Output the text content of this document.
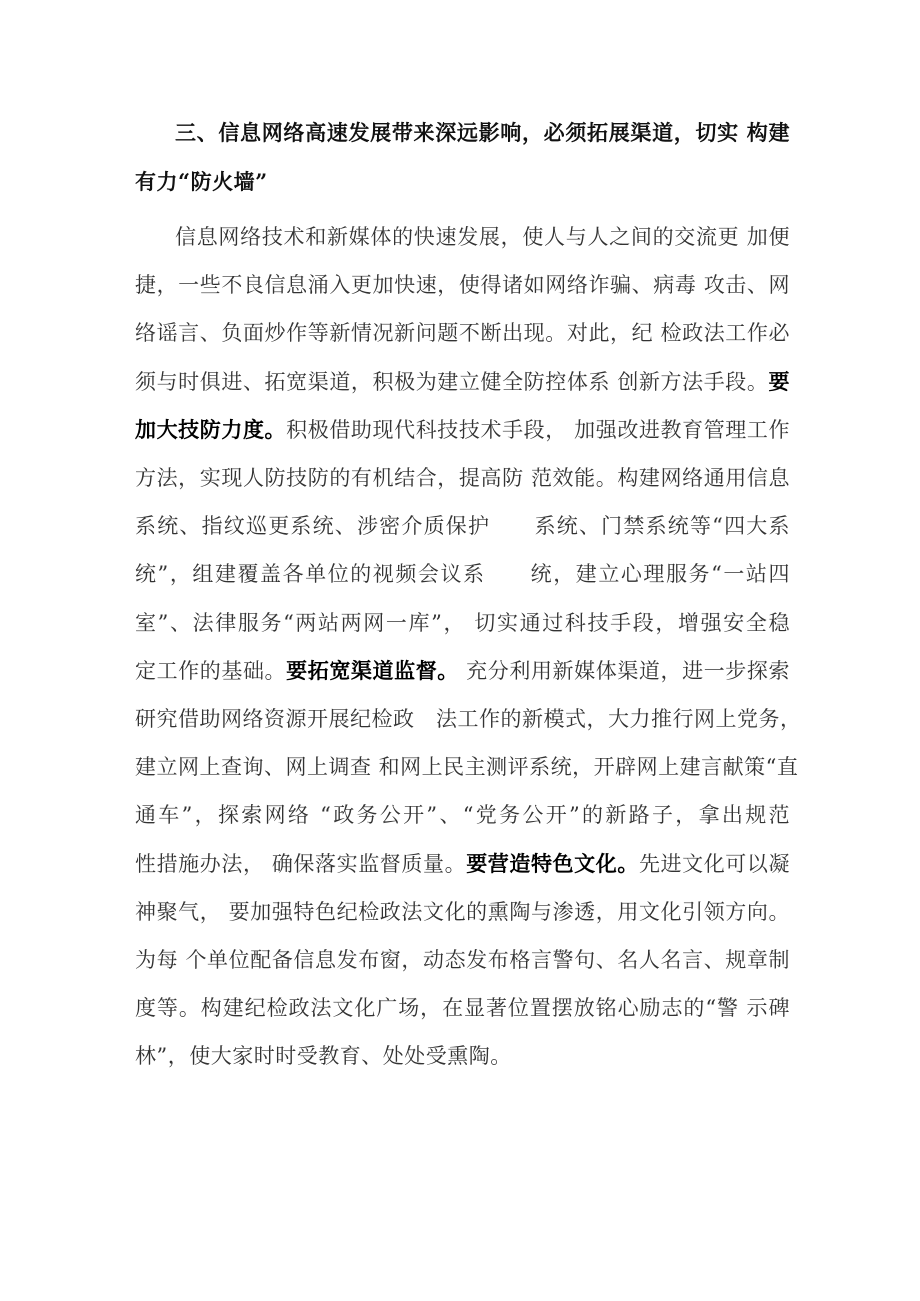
三、信息网络高速发展带来深远影响，必须拓展渠道，切实 构建
有力“防火墙”
信息网络技术和新媒体的快速发展，使人与人之间的交流更 加便
捷，一些不良信息涌入更加快速，使得诸如网络诈骗、病毒 攻击、网
络谣言、负面炒作等新情况新问题不断出现。对此，纪 检政法工作必
须与时俱进、拓宽渠道，积极为建立健全防控体系 创新方法手段。要
加大技防力度。积极借助现代科技技术手段， 加强改进教育管理工作
方法，实现人防技防的有机结合，提高防 范效能。构建网络通用信息
系统、指纹巡更系统、涉密介质保护　　系统、门禁系统等“四大系
统”，组建覆盖各单位的视频会议系　　统，建立心理服务“一站四
室”、法律服务“两站两网一库”， 切实通过科技手段，增强安全稳
定工作的基础。要拓宽渠道监督。 充分利用新媒体渠道，进一步探索
研究借助网络资源开展纪检政　法工作的新模式，大力推行网上党务，
建立网上查询、网上调查 和网上民主测评系统，开辟网上建言献策“直
通车”，探索网络 “政务公开”、“党务公开”的新路子，拿出规范
性措施办法， 确保落实监督质量。要营造特色文化。先进文化可以凝
神聚气， 要加强特色纪检政法文化的熏陶与渗透，用文化引领方向。
为每 个单位配备信息发布窗，动态发布格言警句、名人名言、规章制
度等。构建纪检政法文化广场，在显著位置摆放铭心励志的“警 示碑
林”，使大家时时受教育、处处受熏陶。
